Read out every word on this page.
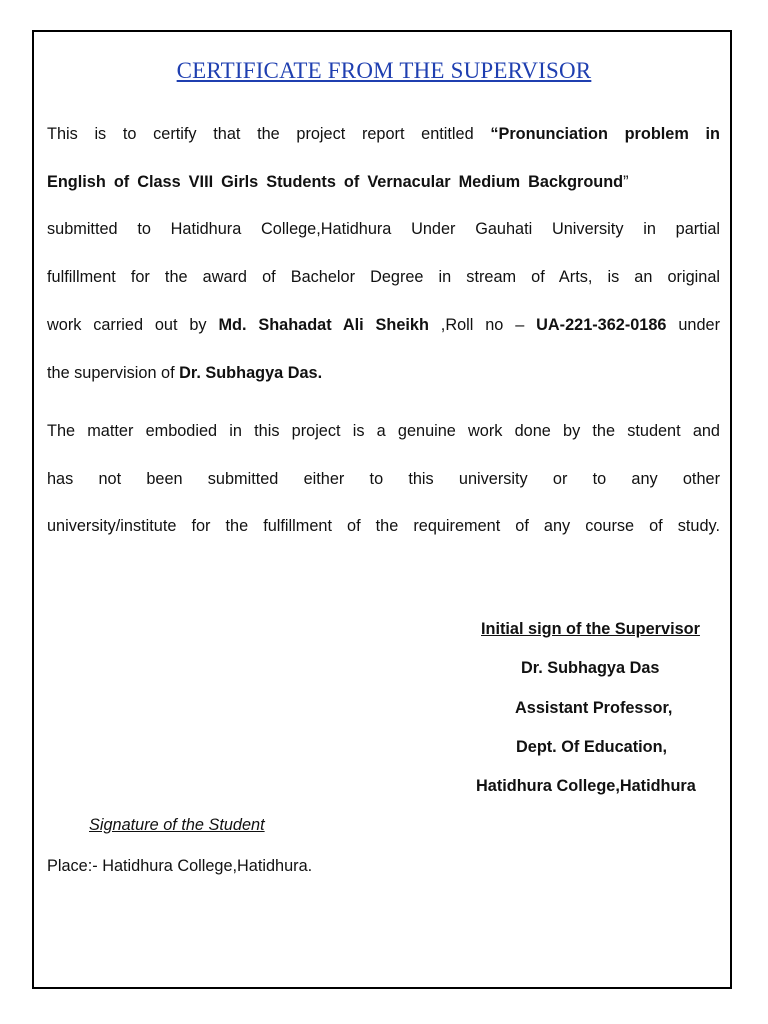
CERTIFICATE FROM THE SUPERVISOR
This is to certify that the project report entitled “Pronunciation problem in
English of Class VIII Girls Students of Vernacular Medium Background”
submitted to Hatidhura College,Hatidhura Under Gauhati University in partial
fulfillment for the award of Bachelor Degree in stream of Arts, is an original
work carried out by Md. Shahadat Ali Sheikh ,Roll no – UA-221-362-0186 under
the supervision of Dr. Subhagya Das.
The matter embodied in this project is a genuine work done by the student and
has not been submitted either to this university or to any other
university/institute for the fulfillment of the requirement of any course of study.
Initial sign of the Supervisor
Dr. Subhagya Das
Assistant Professor,
Dept. Of Education,
Hatidhura College,Hatidhura
Signature of the Student
Place:- Hatidhura College,Hatidhura.
